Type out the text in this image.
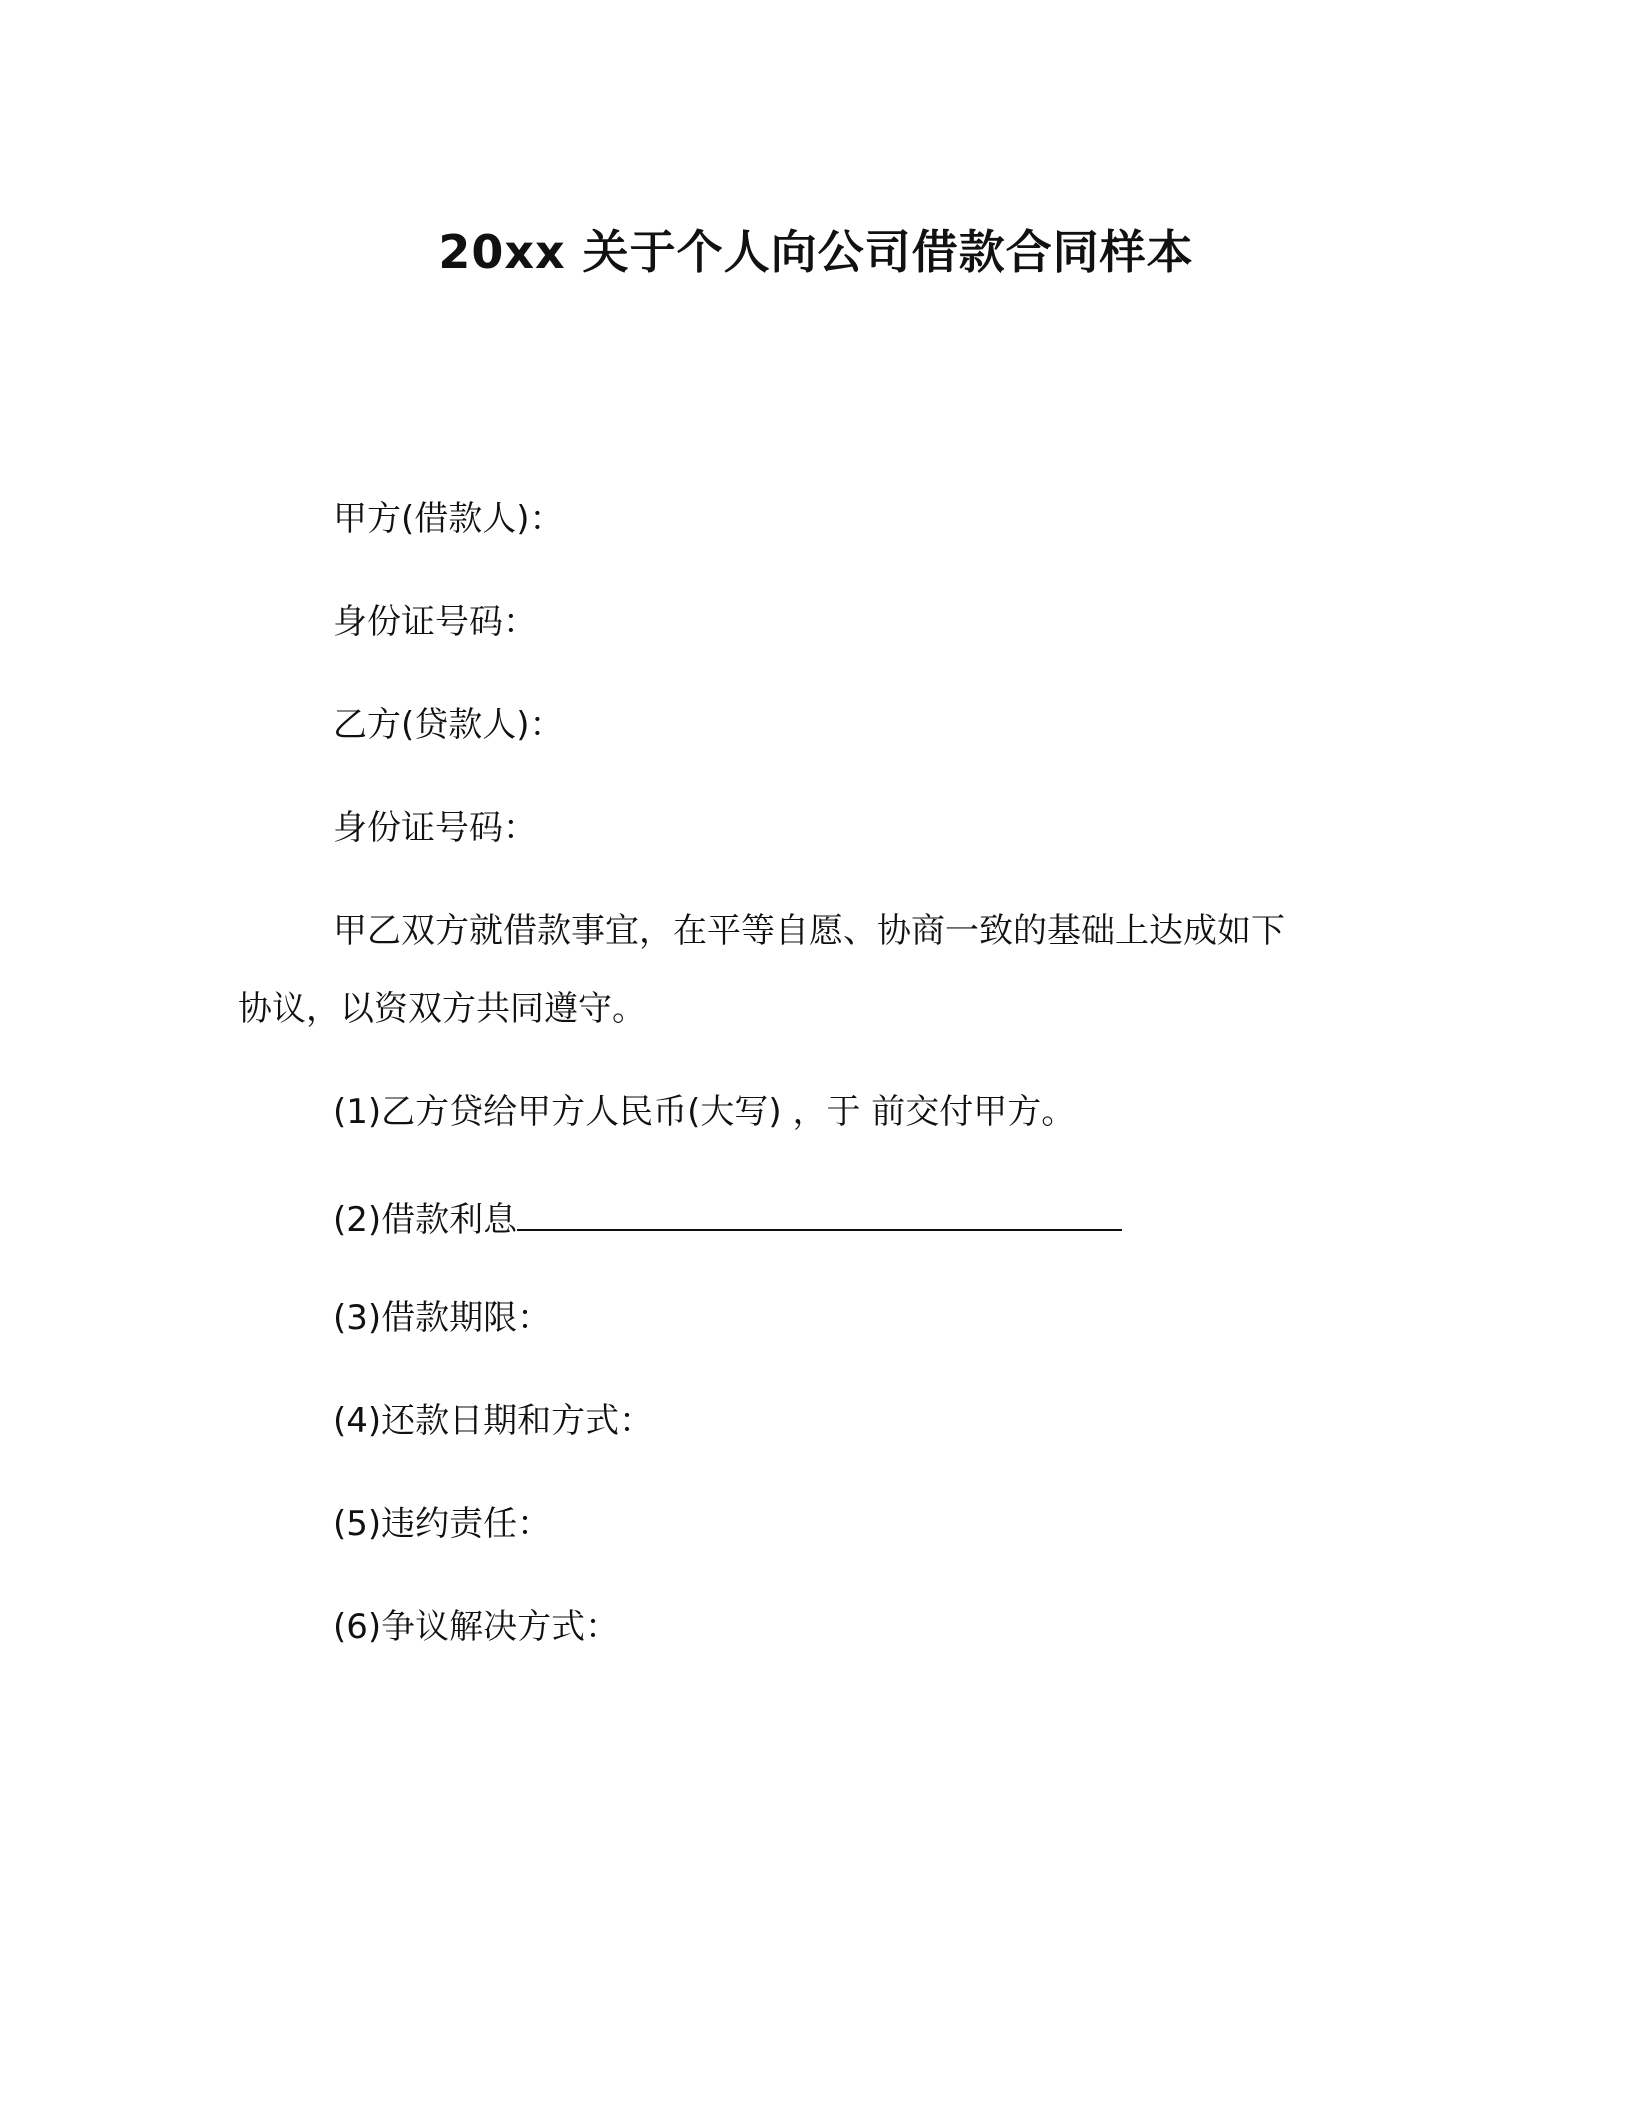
20xx 关于个人向公司借款合同样本
甲方(借款人)：
身份证号码：
乙方(贷款人)：
身份证号码：
甲乙双方就借款事宜，在平等自愿、协商一致的基础上达成如下
协议，以资双方共同遵守。
(1)乙方贷给甲方人民币(大写) ，于 前交付甲方。
(2)借款利息
(3)借款期限：
(4)还款日期和方式：
(5)违约责任：
(6)争议解决方式：
